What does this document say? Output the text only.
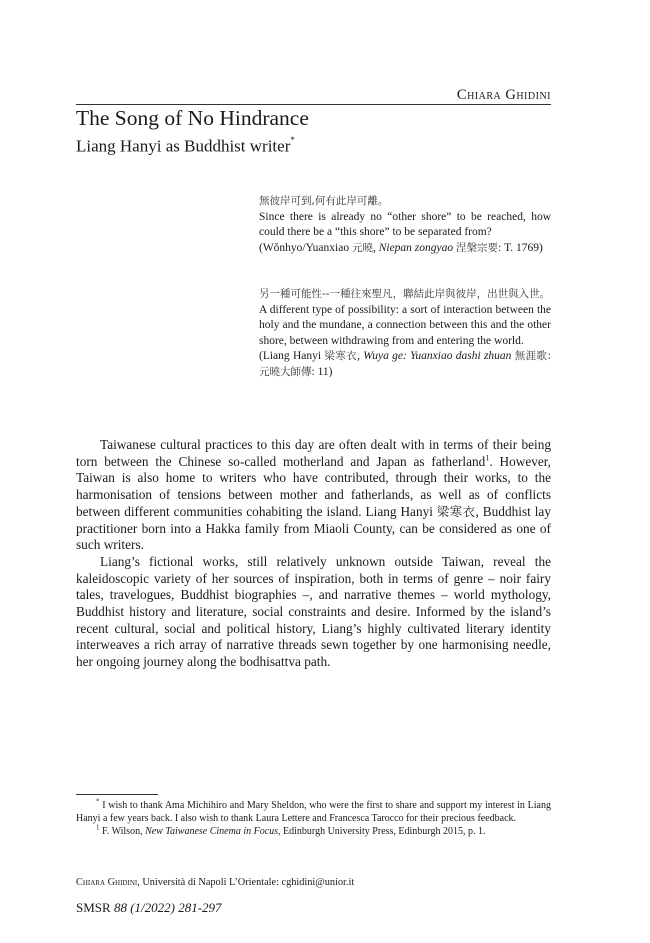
Chiara Ghidini
The Song of No Hindrance
Liang Hanyi as Buddhist writer*

無彼岸可到,何有此岸可離。

Since there is already no “other shore” to be reached, how could there be a “this shore” to be separated from?

(Wŏnhyo/Yuanxiao 元曉, Niepan zongyao 涅槃宗要: T. 1769)

另一種可能性--一種往來聖凡，聯結此岸與彼岸，出世與入世。

A different type of possibility: a sort of interaction between the holy and the mundane, a connection between this and the other shore, between withdrawing from and entering the world.

(Liang Hanyi 梁寒衣, Wuya ge: Yuanxiao dashi zhuan 無涯歌: 元曉大師傳: 11)

Taiwanese cultural practices to this day are often dealt with in terms of their being torn between the Chinese so-called motherland and Japan as fatherland$^1$. However, Taiwan is also home to writers who have contributed, through their works, to the harmonisation of tensions between mother and fatherlands, as well as of conflicts between different communities cohabiting the island. Liang Hanyi 梁寒衣, Buddhist lay practitioner born into a Hakka family from Miaoli County, can be considered as one of such writers.

Liang’s fictional works, still relatively unknown outside Taiwan, reveal the kaleidoscopic variety of her sources of inspiration, both in terms of genre – noir fairy tales, travelogues, Buddhist biographies –, and narrative themes – world mythology, Buddhist history and literature, social constraints and desire. Informed by the island’s recent cultural, social and political history, Liang’s highly cultivated literary identity interweaves a rich array of narrative threads sewn together by one harmonising needle, her ongoing journey along the bodhisattva path.

* I wish to thank Ama Michihiro and Mary Sheldon, who were the first to share and support my interest in Liang Hanyi a few years back. I also wish to thank Laura Lettere and Francesca Tarocco for their precious feedback.

$^1$ F. Wilson, New Taiwanese Cinema in Focus, Edinburgh University Press, Edinburgh 2015, p. 1.

Chiara Ghidini, Università di Napoli L’Orientale: cghidini@unior.it
SMSR 88 (1/2022) 281-297
